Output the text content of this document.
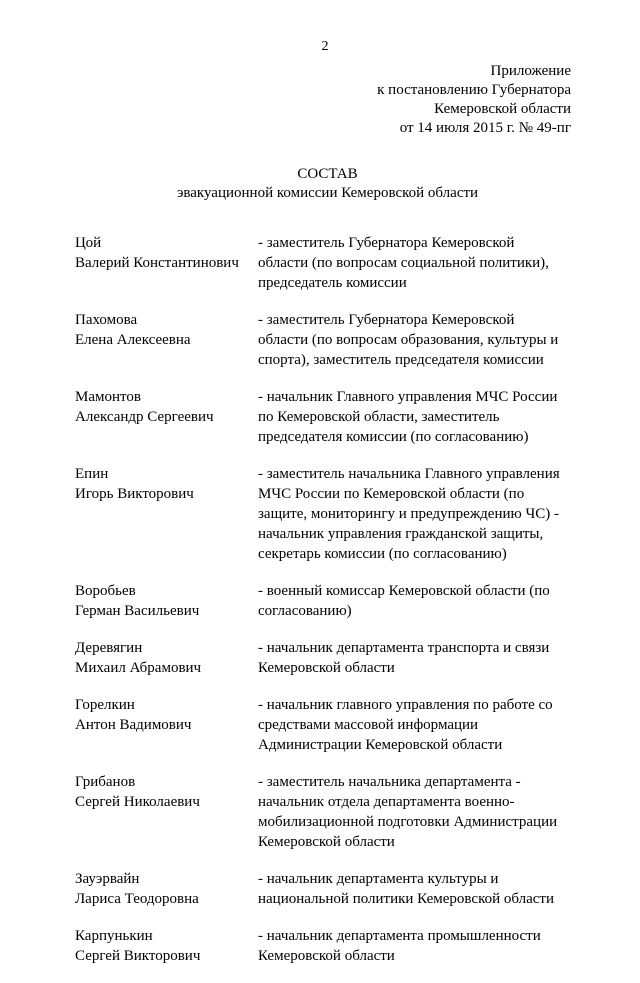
2
Приложение
к постановлению Губернатора
Кемеровской области
от 14 июля 2015 г. № 49-пг
СОСТАВ
эвакуационной комиссии Кемеровской области
Цой
Валерий Константинович
- заместитель Губернатора Кемеровской
области (по вопросам социальной политики),
председатель комиссии
Пахомова
Елена Алексеевна
- заместитель Губернатора Кемеровской
области (по вопросам образования, культуры и
спорта), заместитель председателя комиссии
Мамонтов
Александр Сергеевич
- начальник Главного управления МЧС России
по Кемеровской области, заместитель
председателя комиссии (по согласованию)
Епин
Игорь Викторович
- заместитель начальника Главного управления
МЧС России по Кемеровской области (по
защите, мониторингу и предупреждению ЧС) -
начальник управления гражданской защиты,
секретарь комиссии (по согласованию)
Воробьев
Герман Васильевич
- военный комиссар Кемеровской области (по
согласованию)
Деревягин
Михаил Абрамович
- начальник департамента транспорта и связи
Кемеровской области
Горелкин
Антон Вадимович
- начальник главного управления по работе со
средствами массовой информации
Администрации Кемеровской области
Грибанов
Сергей Николаевич
- заместитель начальника департамента -
начальник отдела департамента военно-
мобилизационной подготовки Администрации
Кемеровской области
Зауэрвайн
Лариса Теодоровна
- начальник департамента культуры и
национальной политики Кемеровской области
Карпунькин
Сергей Викторович
- начальник департамента промышленности
Кемеровской области
